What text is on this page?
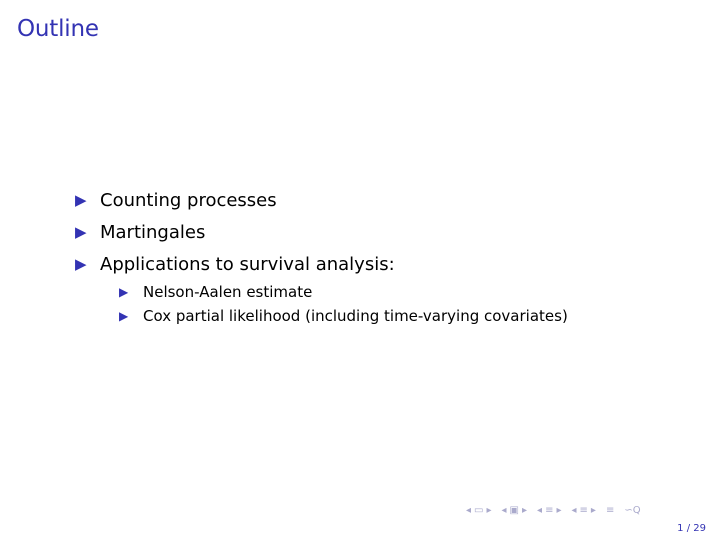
Outline
▶ Counting processes
▶ Martingales
▶ Applications to survival analysis:
▶ Nelson-Aalen estimate
▶ Cox partial likelihood (including time-varying covariates)
◂ ▭ ▸ ◂ ▣ ▸ ◂ ≡ ▸ ◂ ≡ ▸ ≡ ∽Q
1 / 29
